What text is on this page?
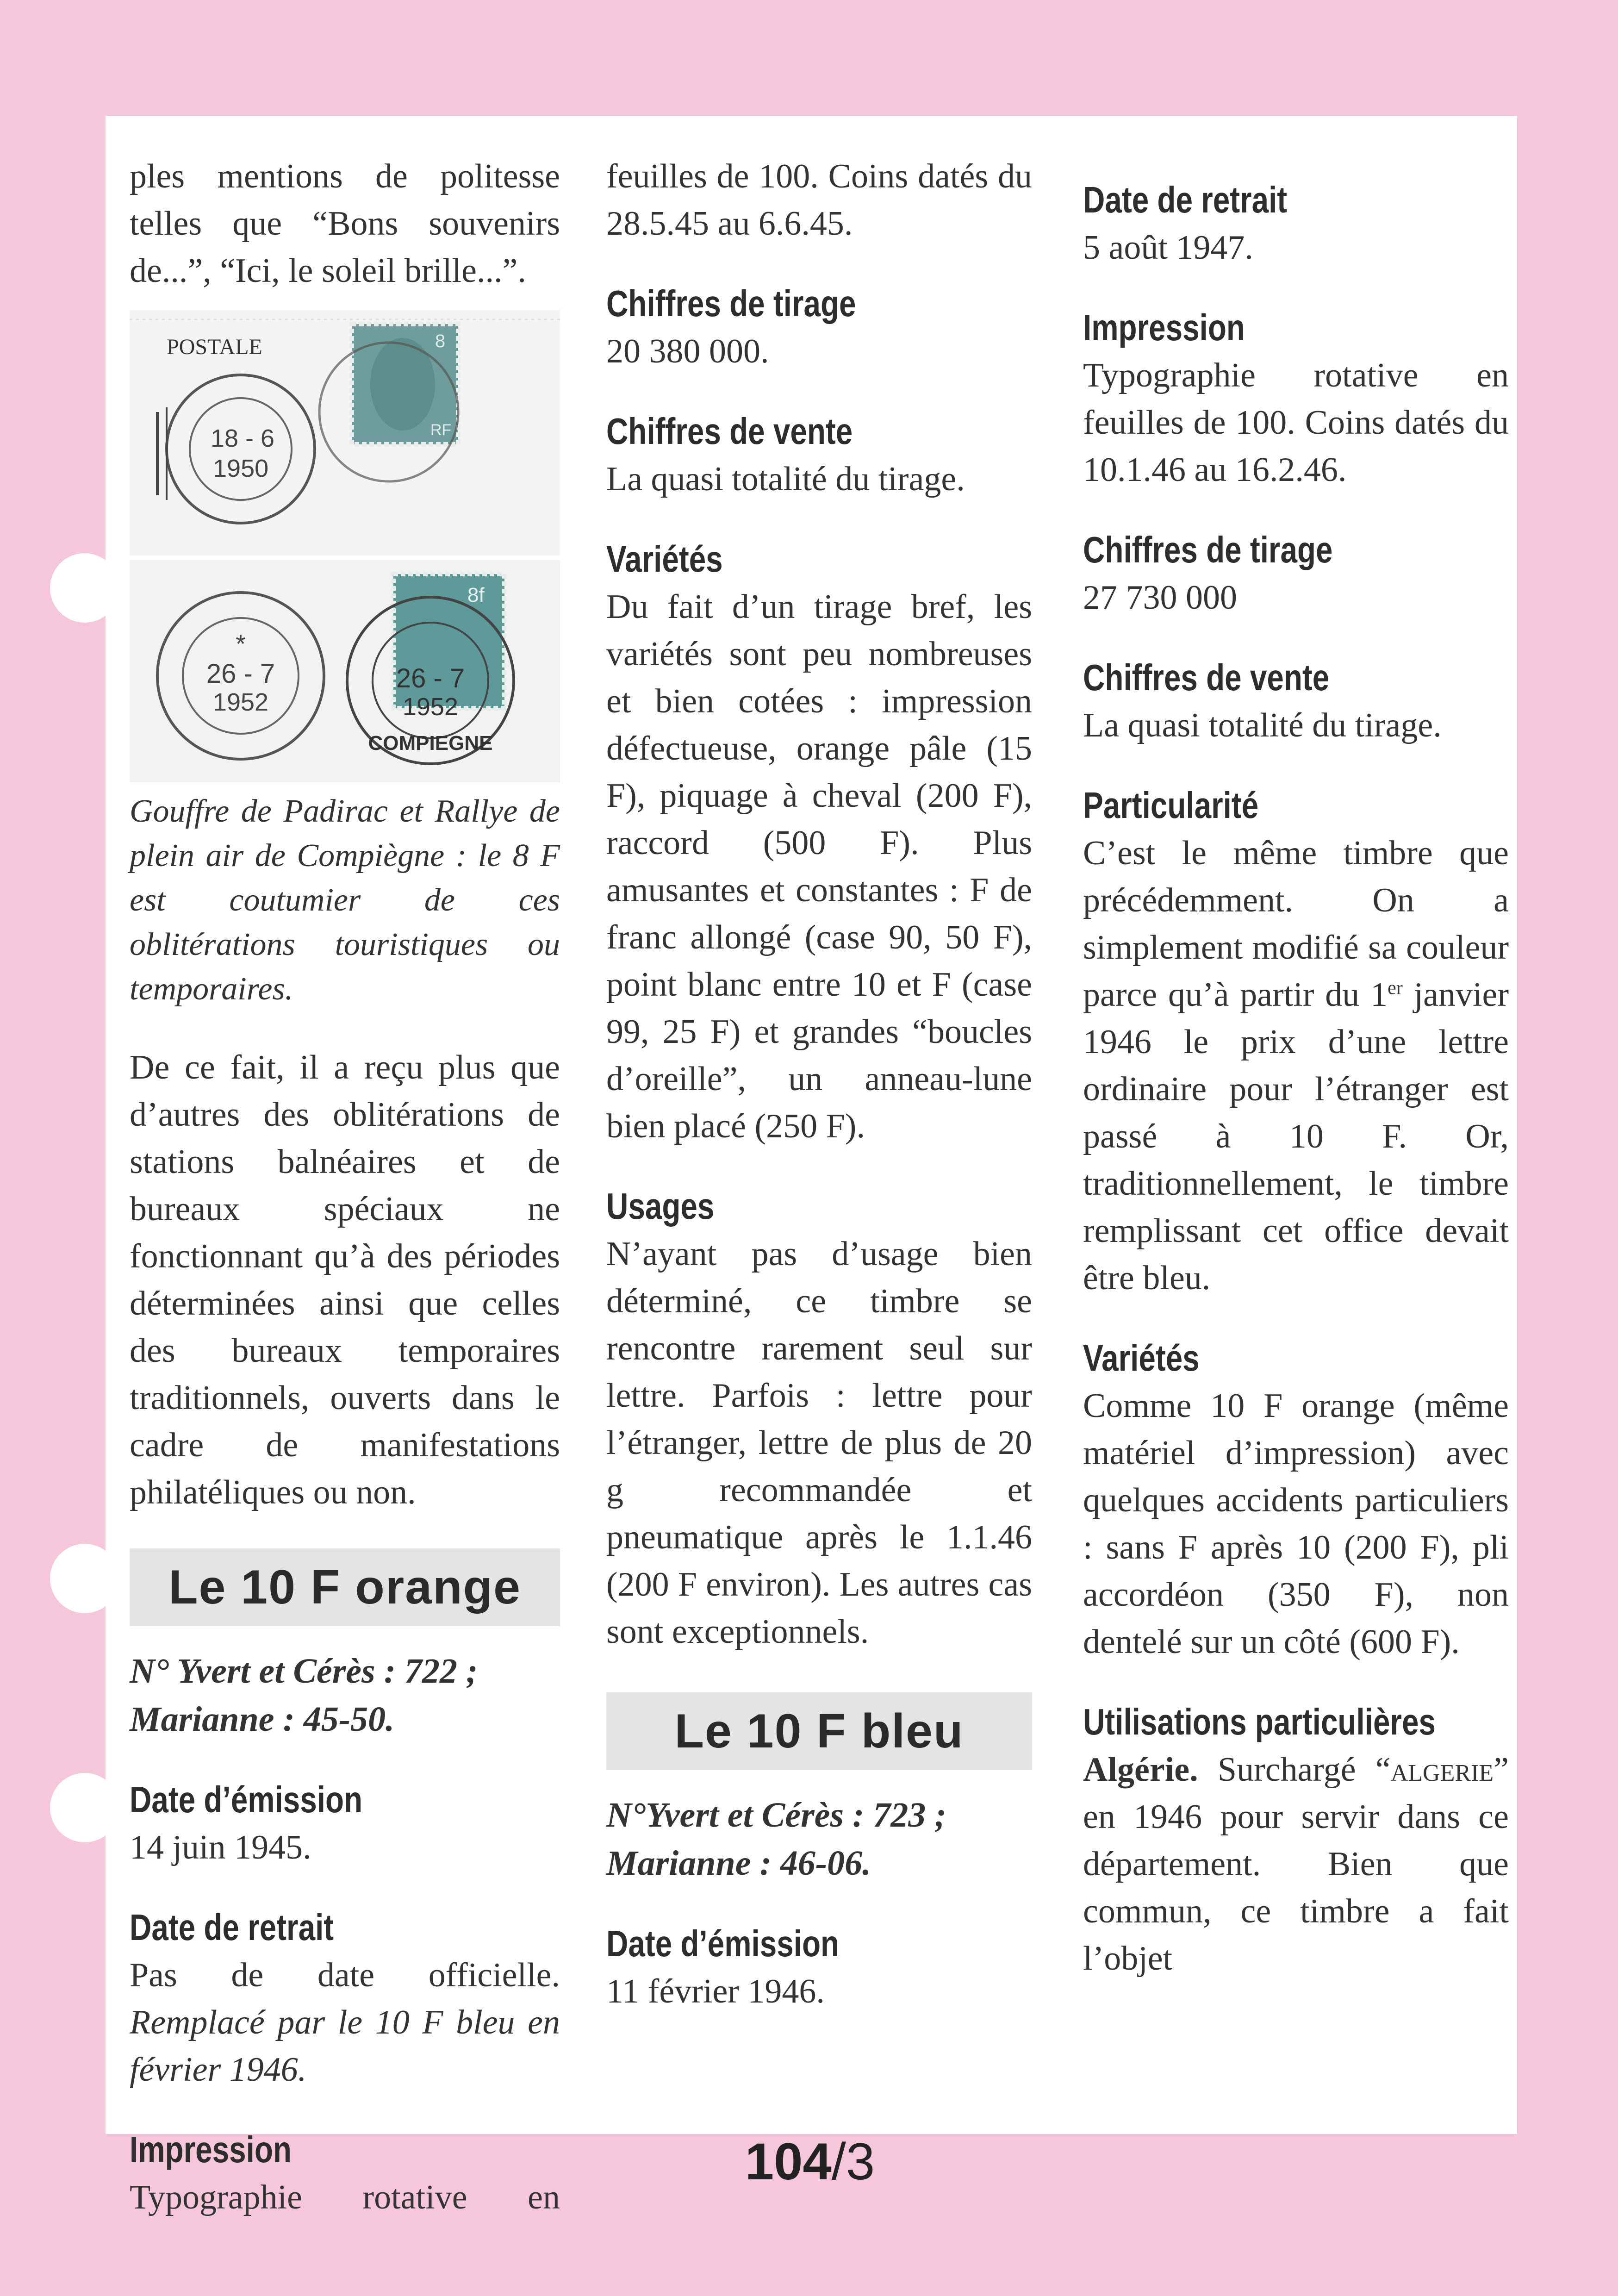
ples mentions de politesse telles que “Bons souvenirs de...”, “Ici, le soleil brille...”.

POSTALE	8
RF
18 - 6
1950
8f
*
26 - 7
1952
26 - 7
1952
COMPIEGNE

Gouffre de Padirac et Rallye de plein air de Compiègne : le 8 F est coutumier de ces oblitérations touristiques ou temporaires.

De ce fait, il a reçu plus que d’autres des oblitérations de stations balnéaires et de bureaux spéciaux ne fonctionnant qu’à des périodes déterminées ainsi que celles des bureaux temporaires traditionnels, ouverts dans le cadre de manifestations philatéliques ou non.

Le 10 F orange

N° Yvert et Cérès : 722 ;

Marianne : 45-50.

Date d’émission

14 juin 1945.

Date de retrait

Pas de date officielle. Remplacé par le 10 F bleu en février 1946.

Impression

Typographie rotative en

feuilles de 100. Coins datés du 28.5.45 au 6.6.45.

Chiffres de tirage

20 380 000.

Chiffres de vente

La quasi totalité du tirage.

Variétés

Du fait d’un tirage bref, les variétés sont peu nombreuses et bien cotées : impression défectueuse, orange pâle (15 F), piquage à cheval (200 F), raccord (500 F). Plus amusantes et constantes : F de franc allongé (case 90, 50 F), point blanc entre 10 et F (case 99, 25 F) et grandes “boucles d’oreille”, un anneau-lune bien placé (250 F).

Usages

N’ayant pas d’usage bien déterminé, ce timbre se rencontre rarement seul sur lettre. Parfois : lettre pour l’étranger, lettre de plus de 20 g recommandée et pneumatique après le 1.1.46 (200 F environ). Les autres cas sont exceptionnels.

Le 10 F bleu

N°Yvert et Cérès : 723 ;

Marianne : 46-06.

Date d’émission

11 février 1946.

Date de retrait

5 août 1947.

Impression

Typographie rotative en feuilles de 100. Coins datés du 10.1.46 au 16.2.46.

Chiffres de tirage

27 730 000

Chiffres de vente

La quasi totalité du tirage.

Particularité

C’est le même timbre que précédemment. On a simplement modifié sa couleur parce qu’à partir du 1er janvier 1946 le prix d’une lettre ordinaire pour l’étranger est passé à 10 F. Or, traditionnellement, le timbre remplissant cet office devait être bleu.

Variétés

Comme 10 F orange (même matériel d’impression) avec quelques accidents particuliers : sans F après 10 (200 F), pli accordéon (350 F), non dentelé sur un côté (600 F).

Utilisations particulières

Algérie. Surchargé “algerie” en 1946 pour servir dans ce département. Bien que commun, ce timbre a fait l’objet

104/3
